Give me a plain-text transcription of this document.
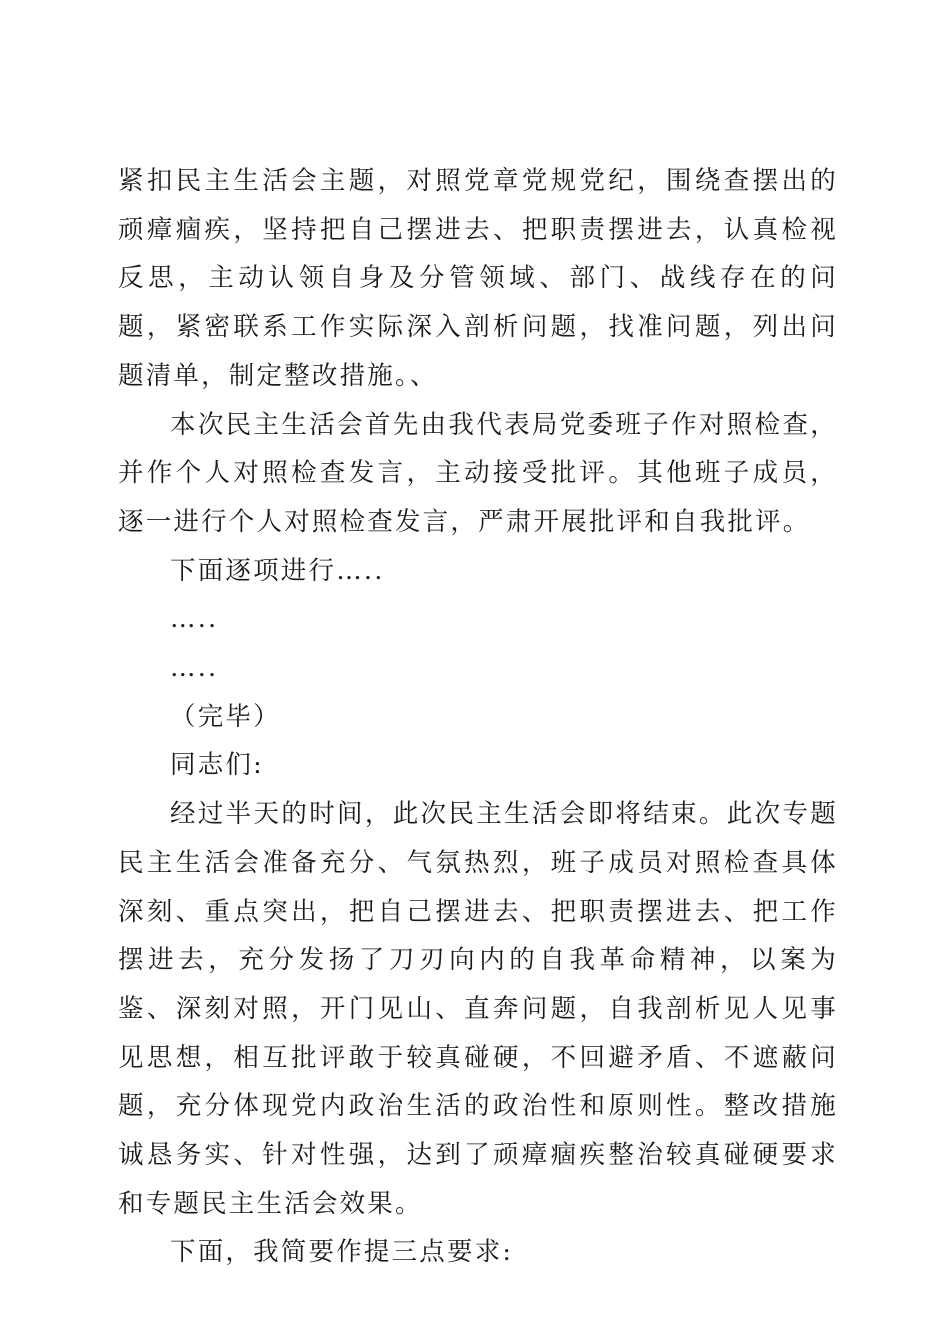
紧扣民主生活会主题，对照党章党规党纪，围绕查摆出的顽瘴痼疾，坚持把自己摆进去、把职责摆进去，认真检视反思，主动认领自身及分管领域、部门、战线存在的问题，紧密联系工作实际深入剖析问题，找准问题，列出问题清单，制定整改措施。、

本次民主生活会首先由我代表局党委班子作对照检查，并作个人对照检查发言，主动接受批评。其他班子成员，逐一进行个人对照检查发言，严肃开展批评和自我批评。

下面逐项进行…..

…..

…..

（完毕）

同志们:

经过半天的时间，此次民主生活会即将结束。此次专题民主生活会准备充分、气氛热烈，班子成员对照检查具体深刻、重点突出，把自己摆进去、把职责摆进去、把工作摆进去，充分发扬了刀刃向内的自我革命精神，以案为鉴、深刻对照，开门见山、直奔问题，自我剖析见人见事见思想，相互批评敢于较真碰硬，不回避矛盾、不遮蔽问题，充分体现党内政治生活的政治性和原则性。整改措施诚恳务实、针对性强，达到了顽瘴痼疾整治较真碰硬要求和专题民主生活会效果。

下面，我简要作提三点要求:
